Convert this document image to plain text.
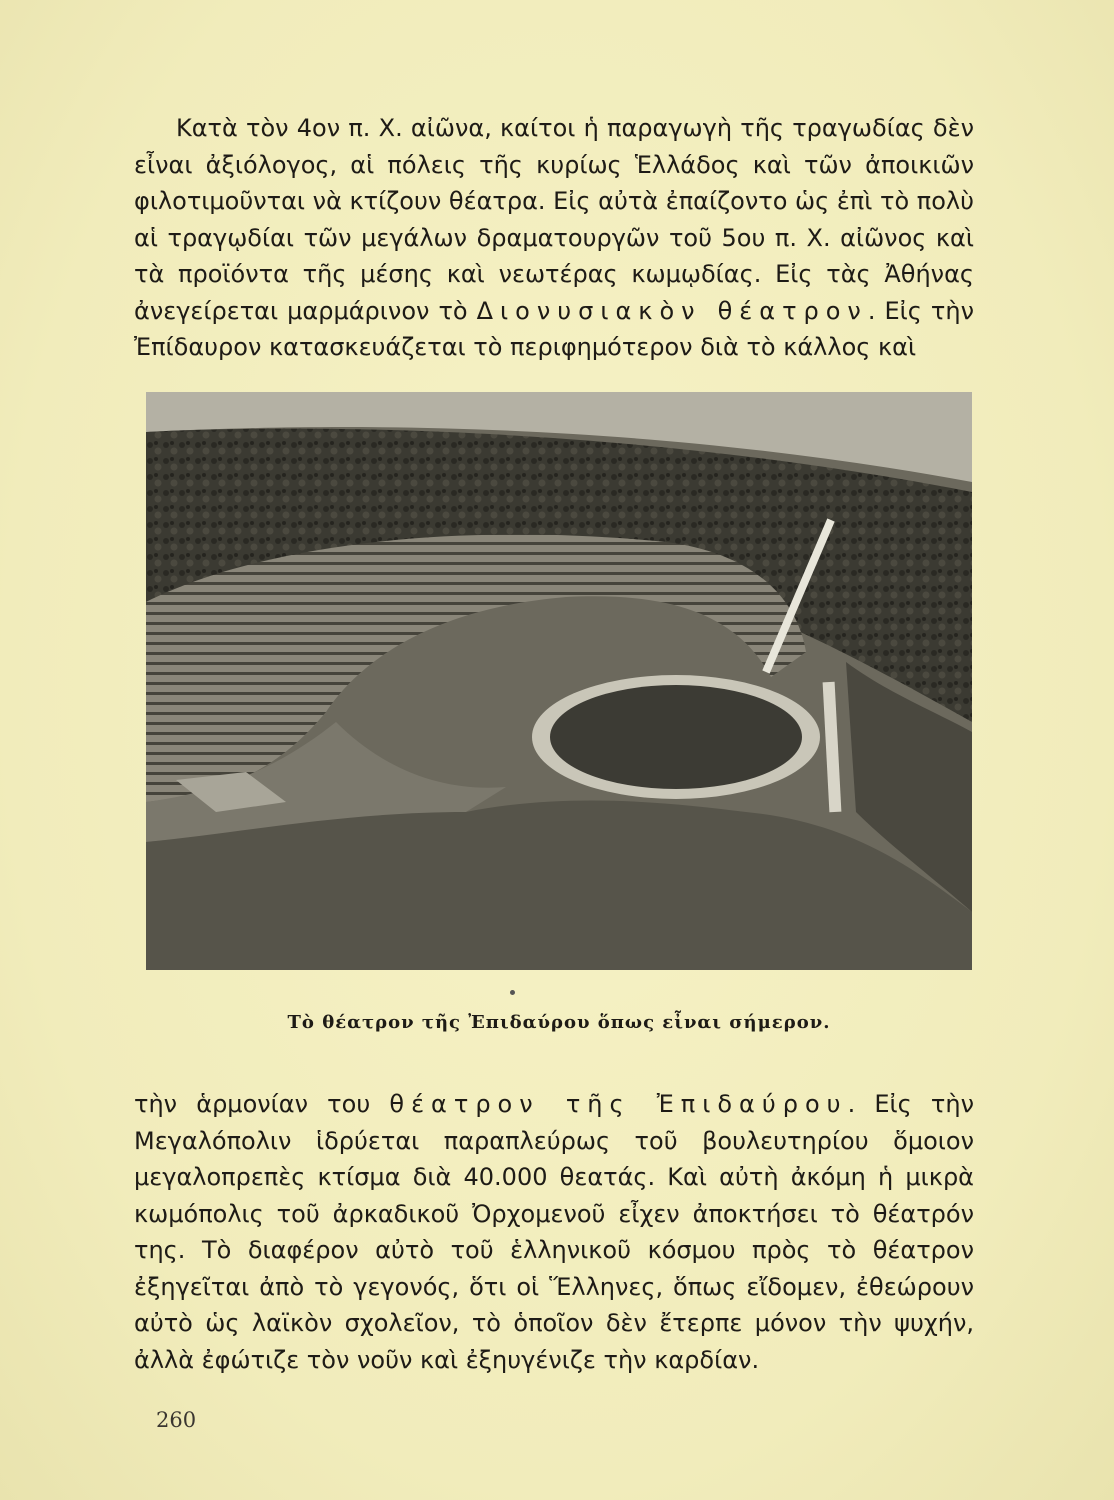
Κατὰ τὸν 4ον π. Χ. αἰῶνα, καίτοι ἡ παραγωγὴ τῆς τραγωδίας δὲν εἶναι ἀξιόλογος, αἱ πόλεις τῆς κυρίως Ἑλλάδος καὶ τῶν ἀποικιῶν φιλοτιμοῦνται νὰ κτίζουν θέατρα. Εἰς αὐτὰ ἐπαίζοντο ὡς ἐπὶ τὸ πολὺ αἱ τραγῳδίαι τῶν μεγάλων δραματουργῶν τοῦ 5ου π. Χ. αἰῶνος καὶ τὰ προϊόντα τῆς μέσης καὶ νεωτέρας κωμῳδίας. Εἰς τὰς Ἀθήνας ἀνεγείρεται μαρμάρινον τὸ Διονυσιακὸν θέατρον. Εἰς τὴν Ἐπίδαυρον κατασκευάζεται τὸ περιφημότερον διὰ τὸ κάλλος καὶ

Τὸ θέατρον τῆς Ἐπιδαύρου ὅπως εἶναι σήμερον.

τὴν ἁρμονίαν του θέατρον τῆς Ἐπιδαύρου. Εἰς τὴν Μεγαλόπολιν ἱδρύεται παραπλεύρως τοῦ βουλευτηρίου ὅμοιον μεγαλοπρεπὲς κτίσμα διὰ 40.000 θεατάς. Καὶ αὐτὴ ἀκόμη ἡ μικρὰ κωμόπολις τοῦ ἀρκαδικοῦ Ὀρχομενοῦ εἶχεν ἀποκτήσει τὸ θέατρόν της. Τὸ διαφέρον αὐτὸ τοῦ ἑλληνικοῦ κόσμου πρὸς τὸ θέατρον ἐξηγεῖται ἀπὸ τὸ γεγονός, ὅτι οἱ Ἕλληνες, ὅπως εἴδομεν, ἐθεώρουν αὐτὸ ὡς λαϊκὸν σχολεῖον, τὸ ὁποῖον δὲν ἔτερπε μόνον τὴν ψυχήν, ἀλλὰ ἐφώτιζε τὸν νοῦν καὶ ἐξηυγένιζε τὴν καρδίαν.

260
